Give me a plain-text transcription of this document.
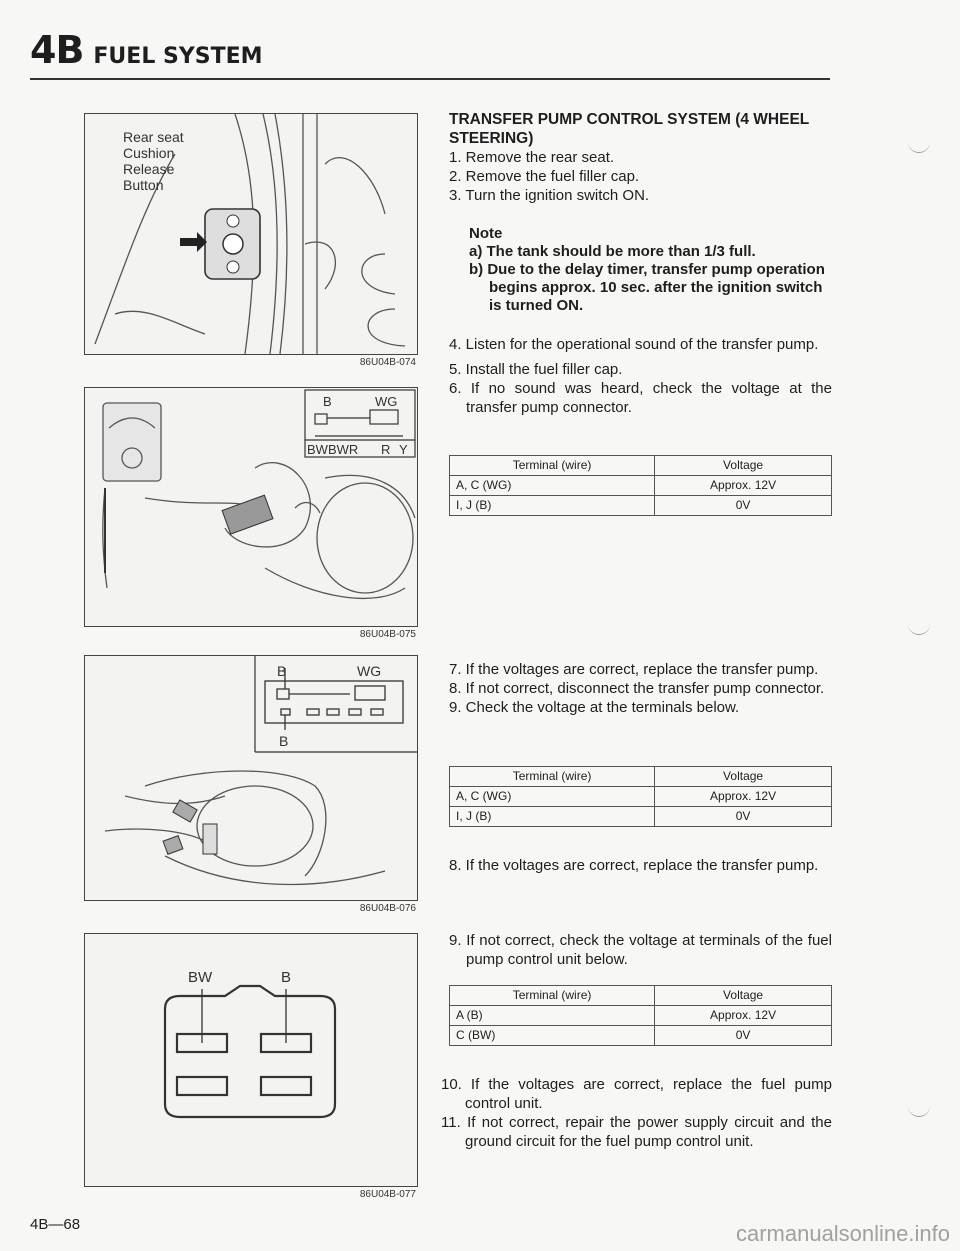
4B FUEL SYSTEM
Rear seat
Cushion
Release
Button
86U04B-074
B	WG
BWBWR R Y
86U04B-075
B	WG
B
86U04B-076
BW	B
86U04B-077
TRANSFER PUMP CONTROL SYSTEM (4 WHEEL STEERING)
1. Remove the rear seat.
2. Remove the fuel filler cap.
3. Turn the ignition switch ON.
Note
a) The tank should be more than 1/3 full.
b) Due to the delay timer, transfer pump operation begins approx. 10 sec. after the ignition switch is turned ON.
4. Listen for the operational sound of the transfer pump.
5. Install the fuel filler cap.
6. If no sound was heard, check the voltage at the transfer pump connector.
Terminal (wire)	Voltage
A, C (WG)	Approx. 12V
I, J (B)	0V
7. If the voltages are correct, replace the transfer pump.
8. If not correct, disconnect the transfer pump connector.
9. Check the voltage at the terminals below.
Terminal (wire)	Voltage
A, C (WG)	Approx. 12V
I, J (B)	0V
8. If the voltages are correct, replace the transfer pump.
9. If not correct, check the voltage at terminals of the fuel pump control unit below.
Terminal (wire)	Voltage
A (B)	Approx. 12V
C (BW)	0V
10. If the voltages are correct, replace the fuel pump control unit.
11. If not correct, repair the power supply circuit and the ground circuit for the fuel pump control unit.
4B—68	carmanualsonline.info
